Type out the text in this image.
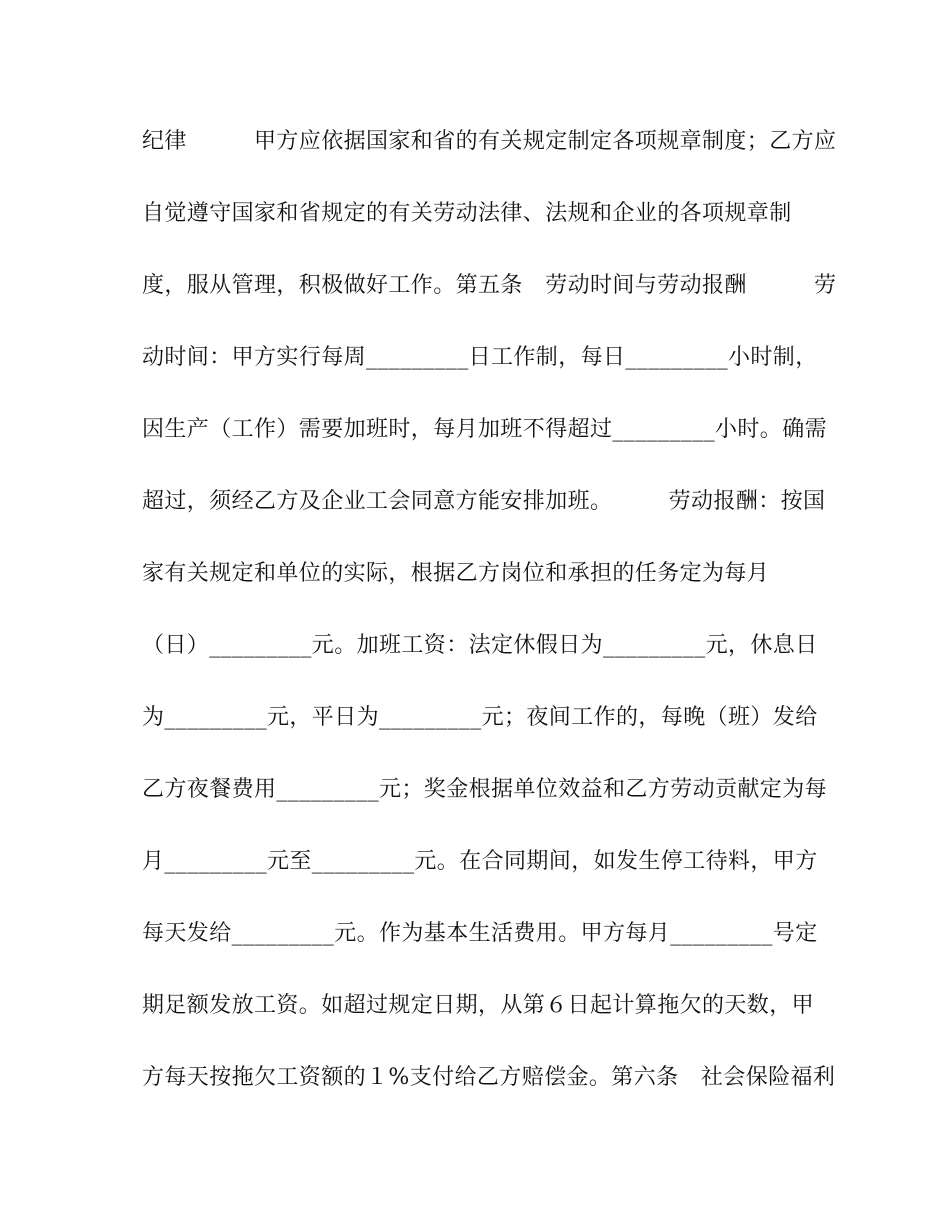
纪律　　　甲方应依据国家和省的有关规定制定各项规章制度；乙方应
自觉遵守国家和省规定的有关劳动法律、法规和企业的各项规章制
度，服从管理，积极做好工作。第五条　劳动时间与劳动报酬　　　劳
动时间：甲方实行每周_________日工作制，每日_________小时制，
因生产（工作）需要加班时，每月加班不得超过_________小时。确需
超过，须经乙方及企业工会同意方能安排加班。　　　劳动报酬：按国
家有关规定和单位的实际，根据乙方岗位和承担的任务定为每月
（日）_________元。加班工资：法定休假日为_________元，休息日
为_________元，平日为_________元；夜间工作的，每晚（班）发给
乙方夜餐费用_________元；奖金根据单位效益和乙方劳动贡献定为每
月_________元至_________元。在合同期间，如发生停工待料，甲方
每天发给_________元。作为基本生活费用。甲方每月_________号定
期足额发放工资。如超过规定日期，从第６日起计算拖欠的天数，甲
方每天按拖欠工资额的１%支付给乙方赔偿金。第六条　社会保险福利
